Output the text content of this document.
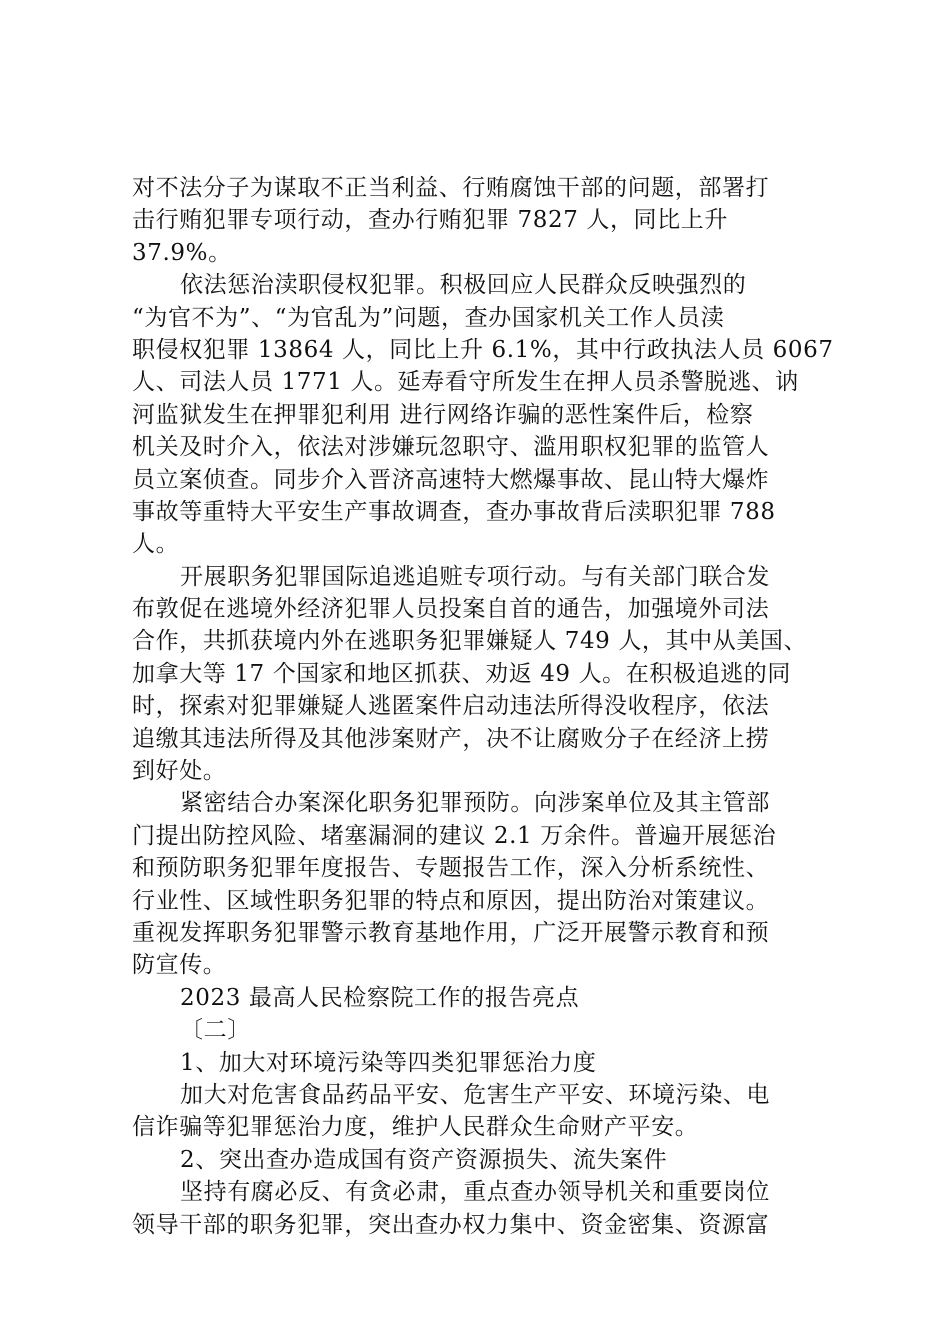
对不法分子为谋取不正当利益、行贿腐蚀干部的问题，部署打
击行贿犯罪专项行动，查办行贿犯罪 7827 人，同比上升
37.9%。
依法惩治渎职侵权犯罪。积极回应人民群众反映强烈的
“为官不为”、“为官乱为”问题，查办国家机关工作人员渎
职侵权犯罪 13864 人，同比上升 6.1%，其中行政执法人员 6067
人、司法人员 1771 人。延寿看守所发生在押人员杀警脱逃、讷
河监狱发生在押罪犯利用 进行网络诈骗的恶性案件后，检察
机关及时介入，依法对涉嫌玩忽职守、滥用职权犯罪的监管人
员立案侦查。同步介入晋济高速特大燃爆事故、昆山特大爆炸
事故等重特大平安生产事故调查，查办事故背后渎职犯罪 788
人。
开展职务犯罪国际追逃追赃专项行动。与有关部门联合发
布敦促在逃境外经济犯罪人员投案自首的通告，加强境外司法
合作，共抓获境内外在逃职务犯罪嫌疑人 749 人，其中从美国、
加拿大等 17 个国家和地区抓获、劝返 49 人。在积极追逃的同
时，探索对犯罪嫌疑人逃匿案件启动违法所得没收程序，依法
追缴其违法所得及其他涉案财产，决不让腐败分子在经济上捞
到好处。
紧密结合办案深化职务犯罪预防。向涉案单位及其主管部
门提出防控风险、堵塞漏洞的建议 2.1 万余件。普遍开展惩治
和预防职务犯罪年度报告、专题报告工作，深入分析系统性、
行业性、区域性职务犯罪的特点和原因，提出防治对策建议。
重视发挥职务犯罪警示教育基地作用，广泛开展警示教育和预
防宣传。
2023 最高人民检察院工作的报告亮点
〔二〕
1、加大对环境污染等四类犯罪惩治力度
加大对危害食品药品平安、危害生产平安、环境污染、电
信诈骗等犯罪惩治力度，维护人民群众生命财产平安。
2、突出查办造成国有资产资源损失、流失案件
坚持有腐必反、有贪必肃，重点查办领导机关和重要岗位
领导干部的职务犯罪，突出查办权力集中、资金密集、资源富
